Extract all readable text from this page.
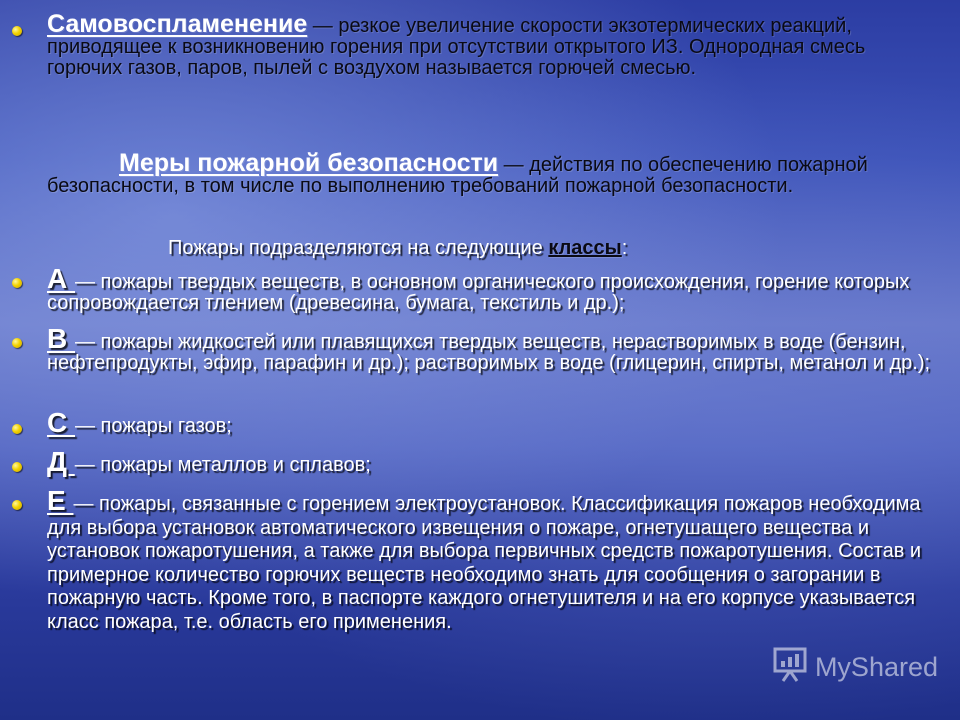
Самовоспламенение — резкое увеличение скорости экзотермических реакций, приводящее к возникновению горения при отсутствии открытого ИЗ. Однородная смесь горючих газов, паров, пылей с воздухом называется горючей смесью.
Меры пожарной безопасности — действия по обеспечению пожарной безопасности, в том числе по выполнению требований пожарной безопасности.
Пожары подразделяются на следующие классы:
А — пожары твердых веществ, в основном органического происхождения, горение которых сопровождается тлением (древесина, бумага, текстиль и др.);
В — пожары жидкостей или плавящихся твердых веществ, нерастворимых в воде (бензин, нефтепродукты, эфир, парафин и др.); растворимых в воде (глицерин, спирты, метанол и др.);
С — пожары газов;
Д — пожары металлов и сплавов;
Е — пожары, связанные с горением электроустановок. Классификация пожаров необходима для выбора установок автоматического извещения о пожаре, огнетушащего вещества и установок пожаротушения, а также для выбора первичных средств пожаротушения. Состав и примерное количество горючих веществ необходимо знать для сообщения о загорании в пожарную часть. Кроме того, в паспорте каждого огнетушителя и на его корпусе указывается класс пожара, т.е. область его применения.
MyShared
